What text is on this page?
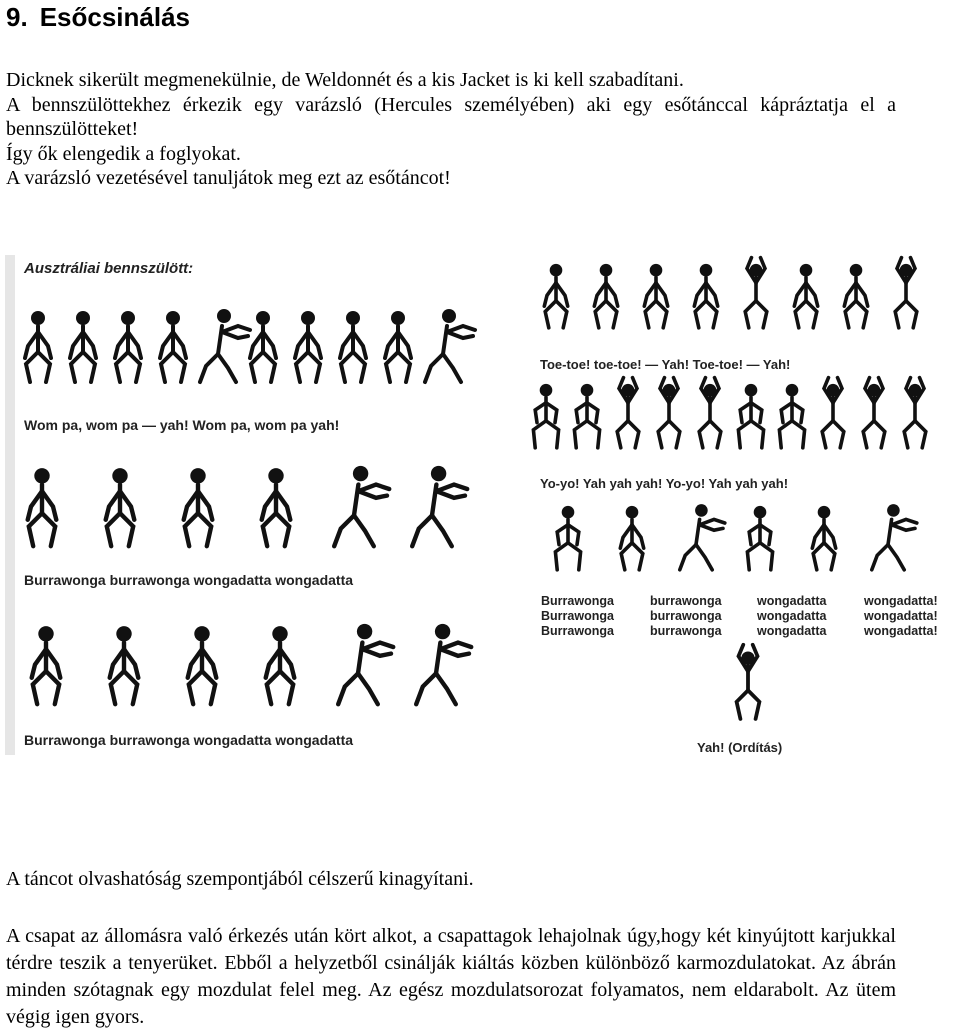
9. Esőcsinálás

Dicknek sikerült megmenekülnie, de Weldonnét és a kis Jacket is ki kell szabadítani.

A bennszülöttekhez érkezik egy varázsló (Hercules személyében) aki egy esőtánccal kápráztatja el a bennszülötteket!

Így ők elengedik a foglyokat.

A varázsló vezetésével tanuljátok meg ezt az esőtáncot!

Ausztráliai bennszülött:
Wom pa, wom pa — yah! Wom pa, wom pa yah!
Burrawonga burrawonga wongadatta wongadatta
Burrawonga burrawonga wongadatta wongadatta
Toe-toe! toe-toe! — Yah! Toe-toe! — Yah!
Yo-yo! Yah yah yah! Yo-yo! Yah yah yah!
Burrawonga	burrawonga	wongadatta	wongadatta!
Burrawonga	burrawonga	wongadatta	wongadatta!
Burrawonga	burrawonga	wongadatta	wongadatta!
Yah! (Ordítás)

A táncot olvashatóság szempontjából célszerű kinagyítani.

A csapat az állomásra való érkezés után kört alkot, a csapattagok lehajolnak úgy,hogy két kinyújtott karjukkal térdre teszik a tenyerüket. Ebből a helyzetből csinálják kiáltás közben különböző karmozdulatokat. Az ábrán minden szótagnak egy mozdulat felel meg. Az egész mozdulatsorozat folyamatos, nem eldarabolt. Az ütem végig igen gyors.
